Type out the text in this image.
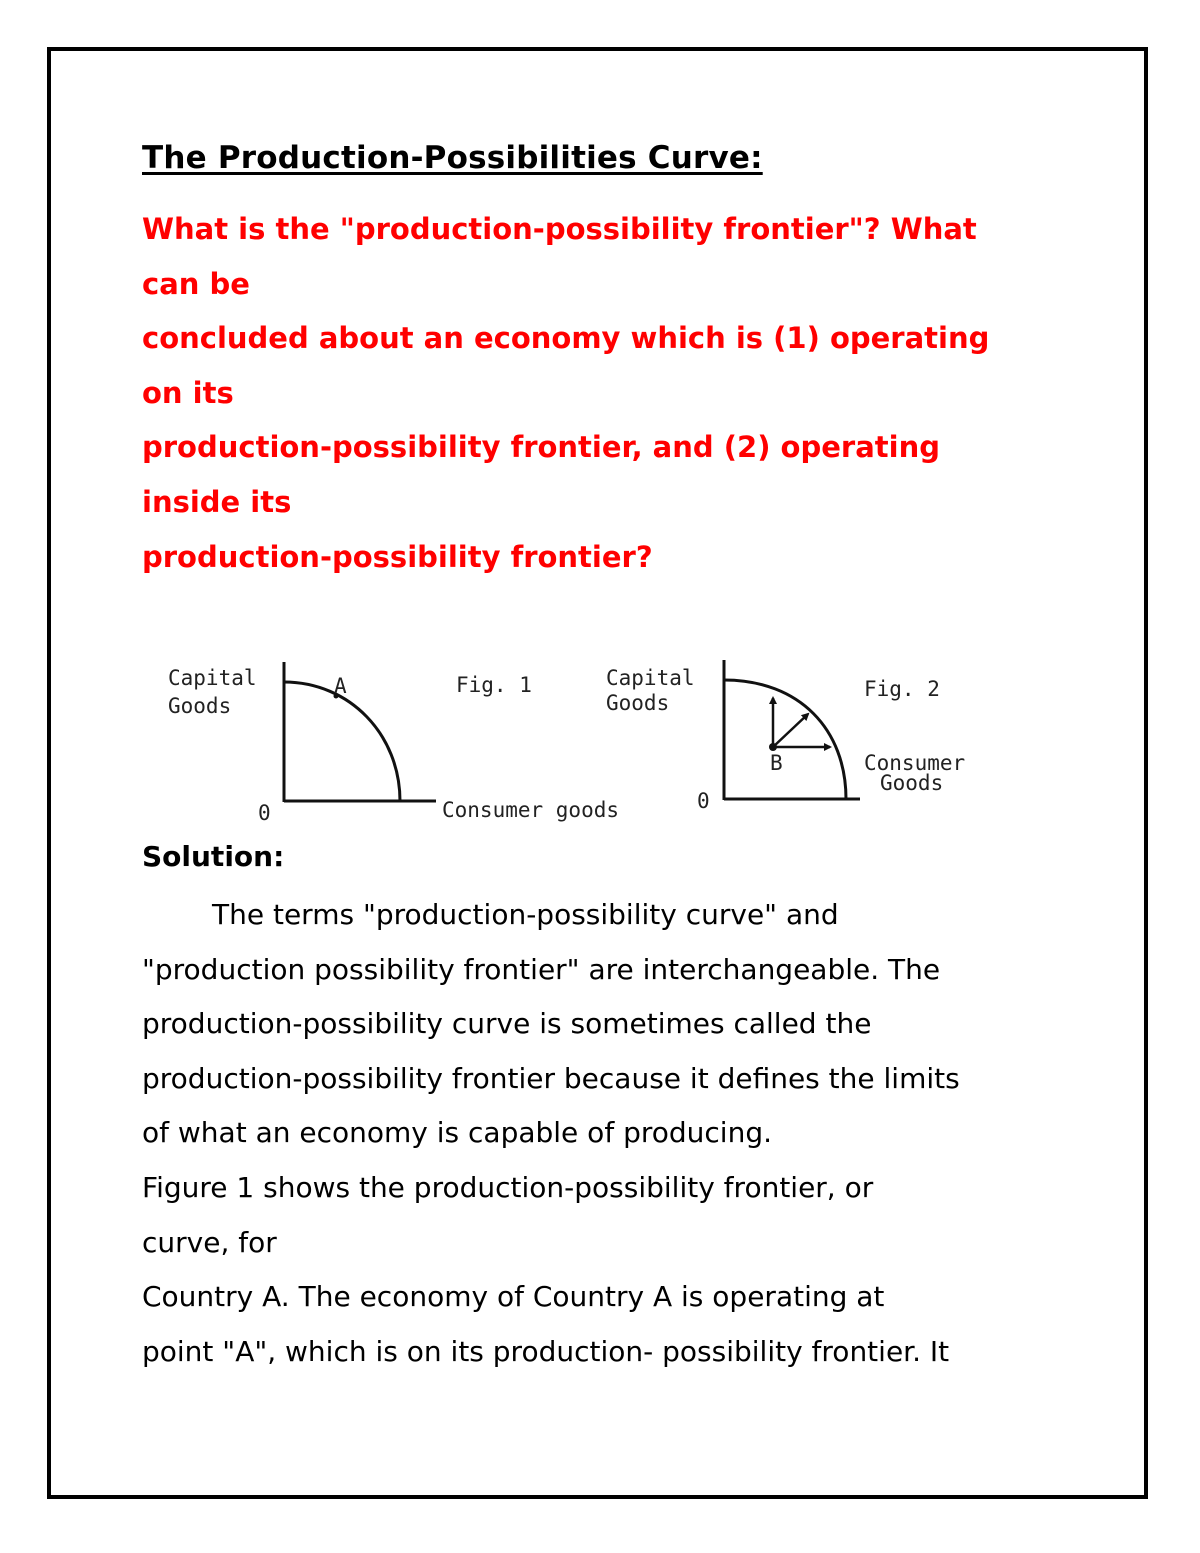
The Production-Possibilities Curve:
What is the "production-possibility frontier"? What
can be
concluded about an economy which is (1) operating
on its
production-possibility frontier, and (2) operating
inside its
production-possibility frontier?
Capital
Goods
A	Fig. 1
0	Consumer goods
Capital
Goods
B
Fig. 2
Consumer
Goods
0
Solution:
The terms "production-possibility curve" and
"production possibility frontier" are interchangeable. The
production-possibility curve is sometimes called the
production-possibility frontier because it defines the limits
of what an economy is capable of producing.
Figure 1 shows the production-possibility frontier, or
curve, for
Country A. The economy of Country A is operating at
point "A", which is on its production- possibility frontier. It
